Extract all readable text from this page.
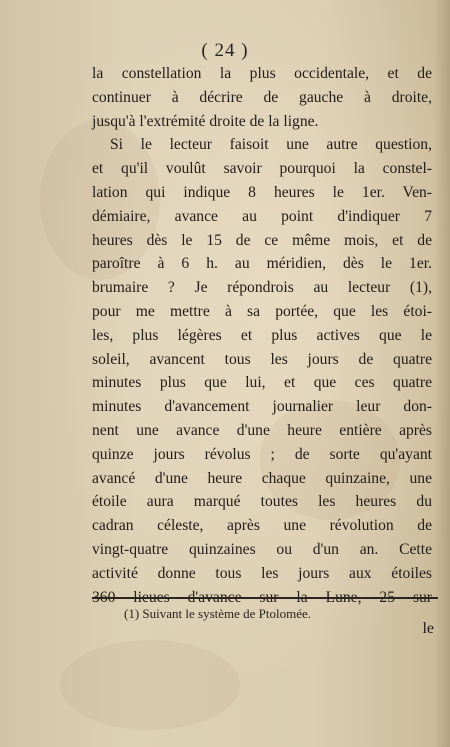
( 24 )
la constellation la plus occidentale, et de
continuer à décrire de gauche à droite,
jusqu'à l'extrémité droite de la ligne.
Si le lecteur faisoit une autre question,
et qu'il voulût savoir pourquoi la constel-
lation qui indique 8 heures le 1er. Ven-
démiaire, avance au point d'indiquer 7
heures dès le 15 de ce même mois, et de
paroître à 6 h. au méridien, dès le 1er.
brumaire ? Je répondrois au lecteur (1),
pour me mettre à sa portée, que les étoi-
les, plus légères et plus actives que le
soleil, avancent tous les jours de quatre
minutes plus que lui, et que ces quatre
minutes d'avancement journalier leur don-
nent une avance d'une heure entière après
quinze jours révolus ; de sorte qu'ayant
avancé d'une heure chaque quinzaine, une
étoile aura marqué toutes les heures du
cadran céleste, après une révolution de
vingt-quatre quinzaines ou d'un an. Cette
activité donne tous les jours aux étoiles
360 lieues d'avance sur la Lune, 25 sur
(1) Suivant le système de Ptolomée.
le
